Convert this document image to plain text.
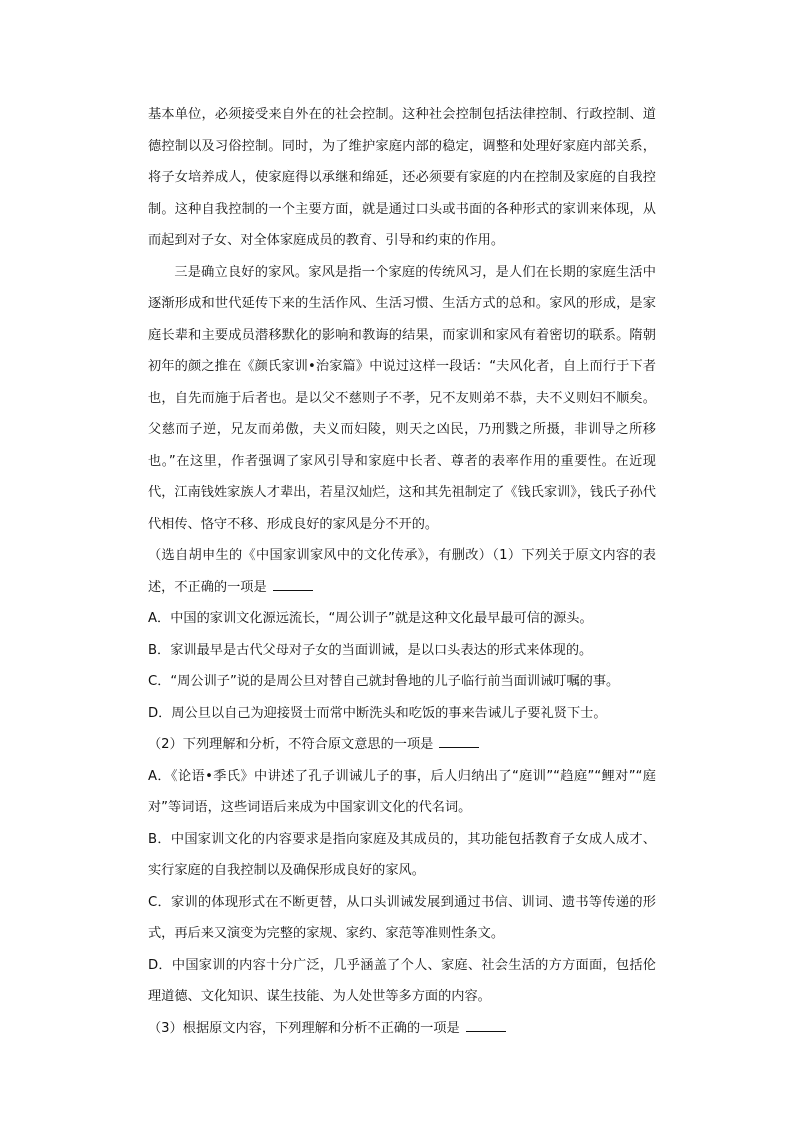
基本单位，必须接受来自外在的社会控制。这种社会控制包括法律控制、行政控制、道德控制以及习俗控制。同时，为了维护家庭内部的稳定，调整和处理好家庭内部关系，将子女培养成人，使家庭得以承继和绵延，还必须要有家庭的内在控制及家庭的自我控制。这种自我控制的一个主要方面，就是通过口头或书面的各种形式的家训来体现，从而起到对子女、对全体家庭成员的教育、引导和约束的作用。

三是确立良好的家风。家风是指一个家庭的传统风习，是人们在长期的家庭生活中逐渐形成和世代延传下来的生活作风、生活习惯、生活方式的总和。家风的形成，是家庭长辈和主要成员潜移默化的影响和教诲的结果，而家训和家风有着密切的联系。隋朝初年的颜之推在《颜氏家训•治家篇》中说过这样一段话：“夫风化者，自上而行于下者也，自先而施于后者也。是以父不慈则子不孝，兄不友则弟不恭，夫不义则妇不顺矣。父慈而子逆，兄友而弟傲，夫义而妇陵，则天之凶民，乃刑戮之所摄，非训导之所移也。”在这里，作者强调了家风引导和家庭中长者、尊者的表率作用的重要性。在近现代，江南钱姓家族人才辈出，若星汉灿烂，这和其先祖制定了《钱氏家训》，钱氏子孙代代相传、恪守不移、形成良好的家风是分不开的。

（选自胡申生的《中国家训家风中的文化传承》，有删改）（1）下列关于原文内容的表述，不正确的一项是

A．中国的家训文化源远流长，“周公训子”就是这种文化最早最可信的源头。

B．家训最早是古代父母对子女的当面训诫，是以口头表达的形式来体现的。

C．“周公训子”说的是周公旦对替自己就封鲁地的儿子临行前当面训诫叮嘱的事。

D．周公旦以自己为迎接贤士而常中断洗头和吃饭的事来告诫儿子要礼贤下士。

（2）下列理解和分析，不符合原文意思的一项是

A．《论语•季氏》中讲述了孔子训诫儿子的事，后人归纳出了“庭训”“趋庭”“鲤对”“庭对”等词语，这些词语后来成为中国家训文化的代名词。

B．中国家训文化的内容要求是指向家庭及其成员的，其功能包括教育子女成人成才、实行家庭的自我控制以及确保形成良好的家风。

C．家训的体现形式在不断更替，从口头训诫发展到通过书信、训词、遗书等传递的形式，再后来又演变为完整的家规、家约、家范等准则性条文。

D．中国家训的内容十分广泛，几乎涵盖了个人、家庭、社会生活的方方面面，包括伦理道德、文化知识、谋生技能、为人处世等多方面的内容。

（3）根据原文内容，下列理解和分析不正确的一项是
